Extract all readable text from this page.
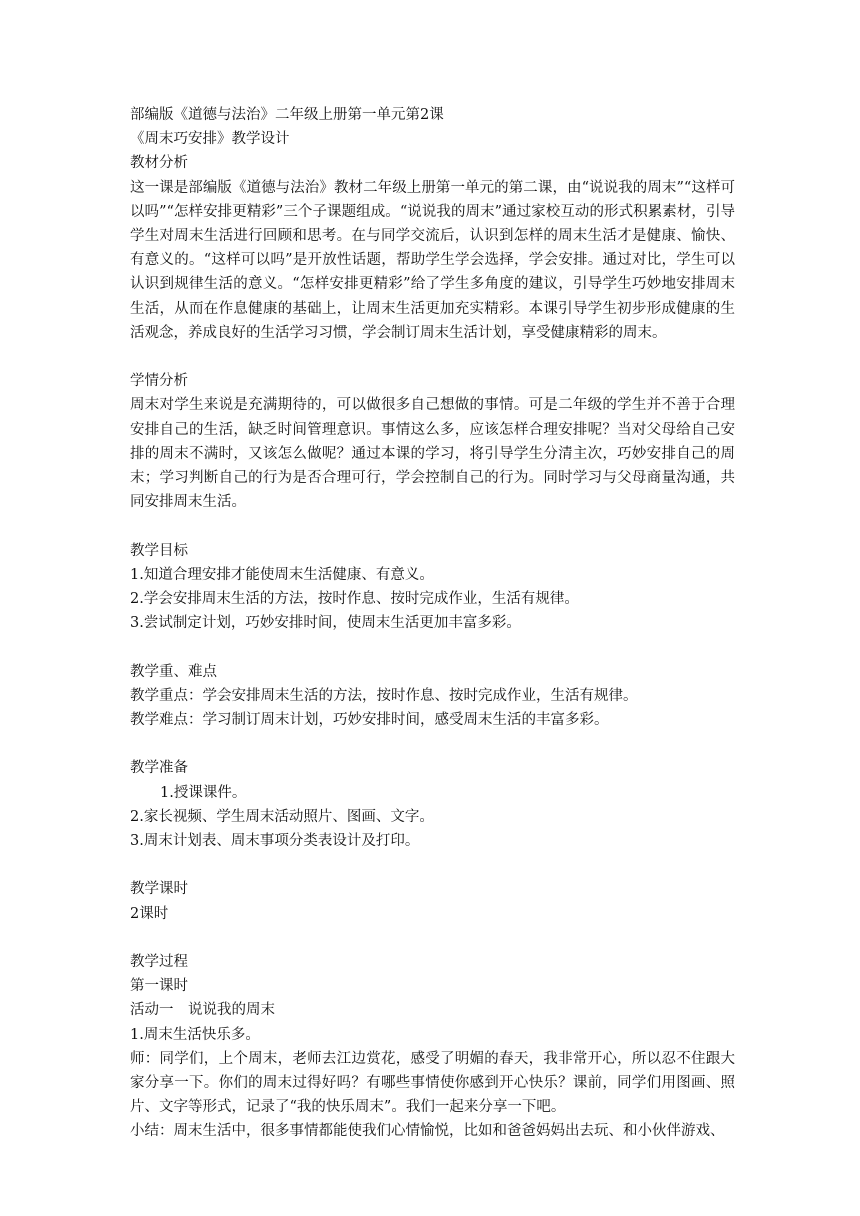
部编版《道德与法治》二年级上册第一单元第2课
《周末巧安排》教学设计
教材分析
这一课是部编版《道德与法治》教材二年级上册第一单元的第二课，由“说说我的周末”“这样可以吗”“怎样安排更精彩”三个子课题组成。“说说我的周末”通过家校互动的形式积累素材，引导学生对周末生活进行回顾和思考。在与同学交流后，认识到怎样的周末生活才是健康、愉快、有意义的。“这样可以吗”是开放性话题，帮助学生学会选择，学会安排。通过对比，学生可以认识到规律生活的意义。“怎样安排更精彩”给了学生多角度的建议，引导学生巧妙地安排周末生活，从而在作息健康的基础上，让周末生活更加充实精彩。本课引导学生初步形成健康的生活观念，养成良好的生活学习习惯，学会制订周末生活计划，享受健康精彩的周末。
学情分析
周末对学生来说是充满期待的，可以做很多自己想做的事情。可是二年级的学生并不善于合理安排自己的生活，缺乏时间管理意识。事情这么多，应该怎样合理安排呢？当对父母给自己安排的周末不满时，又该怎么做呢？通过本课的学习，将引导学生分清主次，巧妙安排自己的周末；学习判断自己的行为是否合理可行，学会控制自己的行为。同时学习与父母商量沟通，共同安排周末生活。
教学目标
1.知道合理安排才能使周末生活健康、有意义。
2.学会安排周末生活的方法，按时作息、按时完成作业，生活有规律。
3.尝试制定计划，巧妙安排时间，使周末生活更加丰富多彩。
教学重、难点
教学重点：学会安排周末生活的方法，按时作息、按时完成作业，生活有规律。
教学难点：学习制订周末计划，巧妙安排时间，感受周末生活的丰富多彩。
教学准备
1.授课课件。
2.家长视频、学生周末活动照片、图画、文字。
3.周末计划表、周末事项分类表设计及打印。
教学课时
2课时
教学过程
第一课时
活动一　说说我的周末
1.周末生活快乐多。
师：同学们，上个周末，老师去江边赏花，感受了明媚的春天，我非常开心，所以忍不住跟大家分享一下。你们的周末过得好吗？有哪些事情使你感到开心快乐？课前，同学们用图画、照片、文字等形式，记录了“我的快乐周末”。我们一起来分享一下吧。
小结：周末生活中，很多事情都能使我们心情愉悦，比如和爸爸妈妈出去玩、和小伙伴游戏、
